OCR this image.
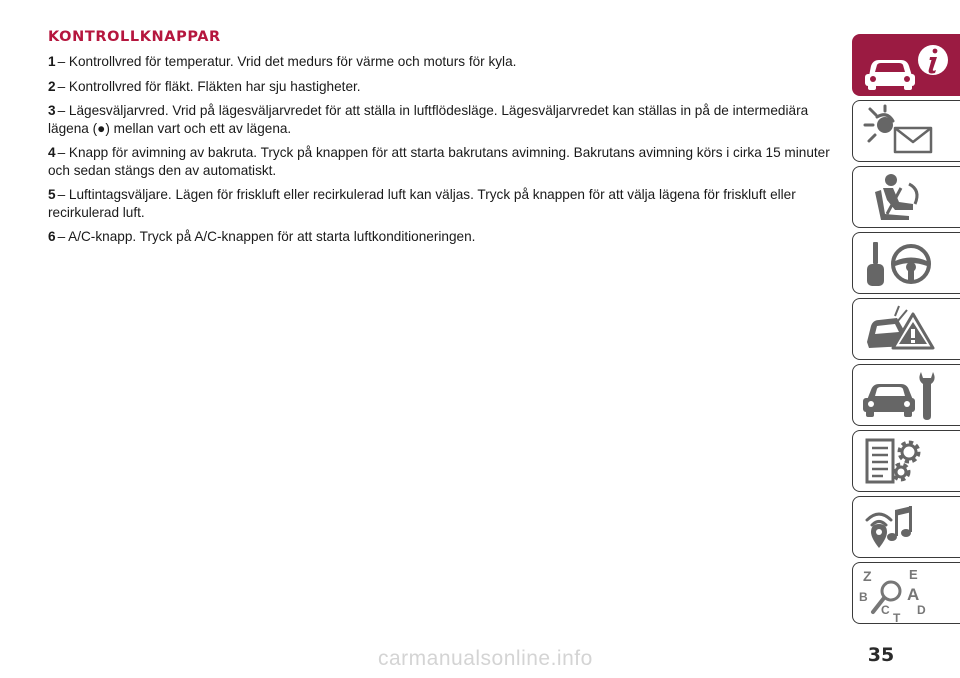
KONTROLLKNAPPAR

1 – Kontrollvred för temperatur. Vrid det medurs för värme och moturs för kyla.

2 – Kontrollvred för fläkt. Fläkten har sju hastigheter.

3 – Lägesväljarvred. Vrid på lägesväljarvredet för att ställa in luftflödesläge. Lägesväljarvredet kan ställas in på de intermediära lägena (●) mellan vart och ett av lägena.

4 – Knapp för avimning av bakruta. Tryck på knappen för att starta bakrutans avimning. Bakrutans avimning körs i cirka 15 minuter och sedan stängs den av automatiskt.

5 – Luftintagsväljare. Lägen för friskluft eller recirkulerad luft kan väljas. Tryck på knappen för att välja lägena för friskluft eller recirkulerad luft.

6 – A/C-knapp. Tryck på A/C-knappen för att starta luftkonditioneringen.

Z	E
B A
C D
T
35
carmanualsonline.info
